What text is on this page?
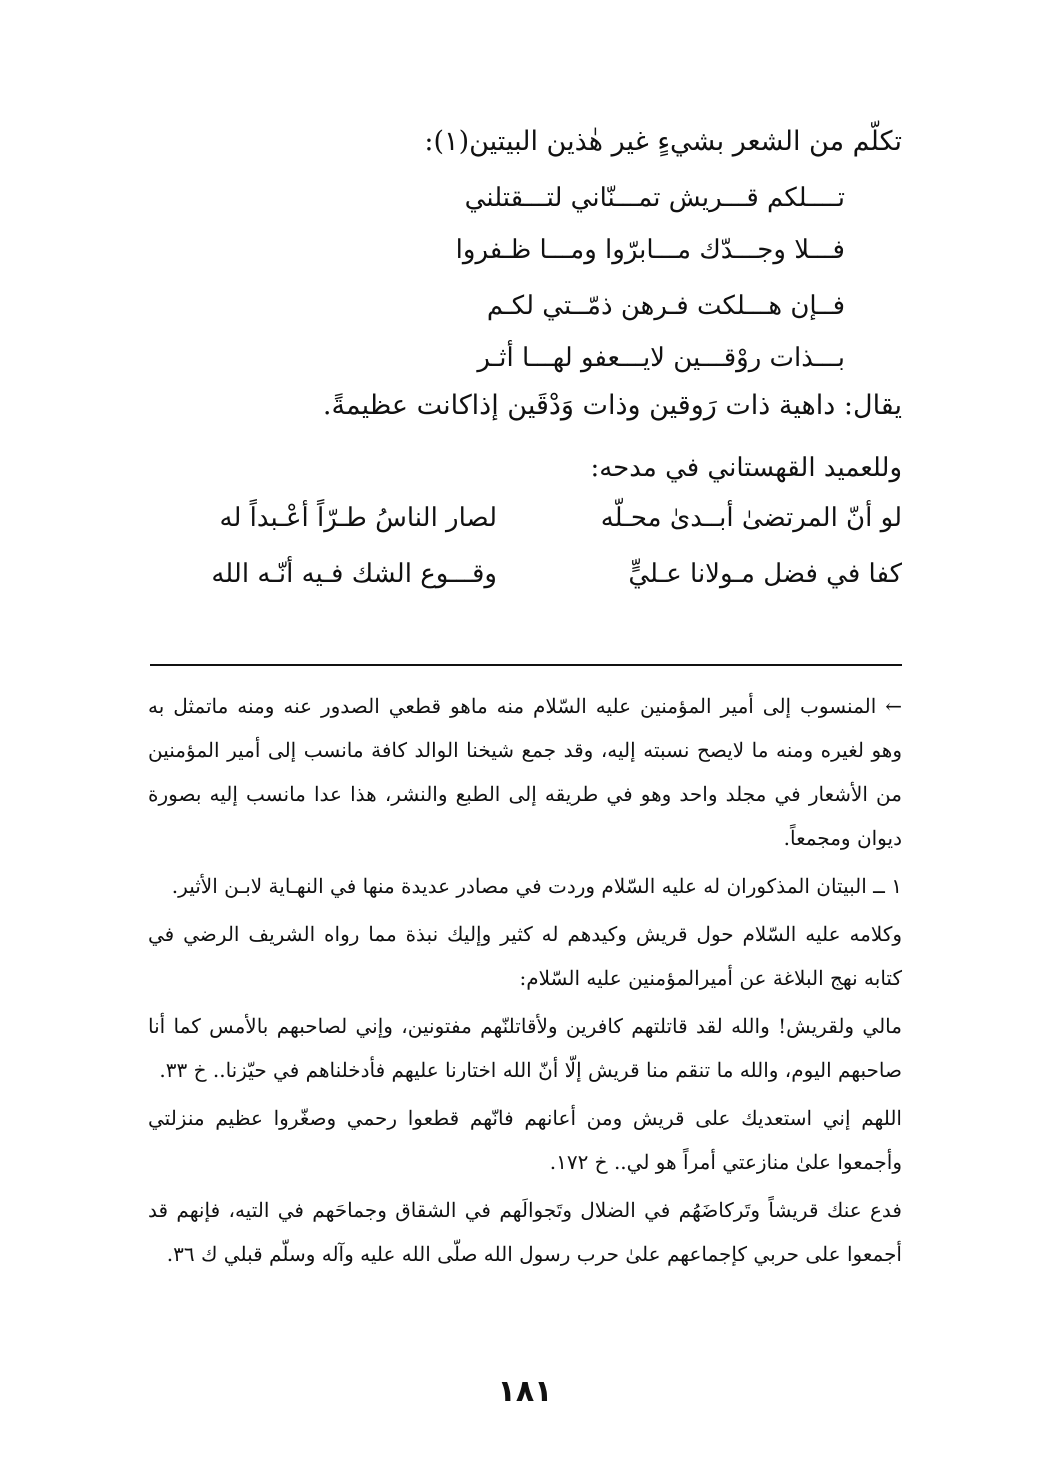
تكلّم من الشعر بشيءٍ غير هٰذين البيتين(١):
تــــلكم قـــريش تمـــنّاني لتـــقتلني
فـــلا وجـــدّك مـــابرّوا ومـــا ظـفروا
فــإن هـــلكت فـرهن ذمّــتي لكـم
بـــذات روْقـــين لايـــعفو لهـــا أثـر
يقال: داهية ذات رَوقين وذات وَدْقَين إذاكانت عظيمةً.
وللعميد القهستاني في مدحه:
لو أنّ المرتضىٰ أبــدىٰ محـلّه
لصار الناسُ طـرّاً أعْـبداً له
كفا في فضل مـولانا عـليٍّ
وقـــوع الشك فـيه أنّـه الله

← المنسوب إلى أمير المؤمنين عليه السّلام منه ماهو قطعي الصدور عنه ومنه ماتمثل به وهو لغيره ومنه ما لايصح نسبته إليه، وقد جمع شيخنا الوالد كافة مانسب إلى أمير المؤمنين من الأشعار في مجلد واحد وهو في طريقه إلى الطبع والنشر، هذا عدا مانسب إليه بصورة ديوان ومجمعاً.

١ ــ البيتان المذكوران له عليه السّلام وردت في مصادر عديدة منها في النهـاية لابـن الأثير.

وكلامه عليه السّلام حول قريش وكيدهم له كثير وإليك نبذة مما رواه الشريف الرضي في كتابه نهج البلاغة عن أميرالمؤمنين عليه السّلام:

مالي ولقريش! والله لقد قاتلتهم كافرين ولأقاتلنّهم مفتونين، وإني لصاحبهم بالأمس كما أنا صاحبهم اليوم، والله ما تنقم منا قريش إلّا أنّ الله اختارنا عليهم فأدخلناهم في حيّزنا.. خ ٣٣.

اللهم إني استعديك على قريش ومن أعانهم فانّهم قطعوا رحمي وصغّروا عظيم منزلتي وأجمعوا علىٰ منازعتي أمراً هو لي.. خ ١٧٢.

فدع عنك قريشاً وتَركاضَهُم في الضلال وتَجوالَهم في الشقاق وجماحَهم في التيه، فإنهم قد أجمعوا على حربي كإجماعهم علىٰ حرب رسول الله صلّى الله عليه وآله وسلّم قبلي ك ٣٦.

١٨١
